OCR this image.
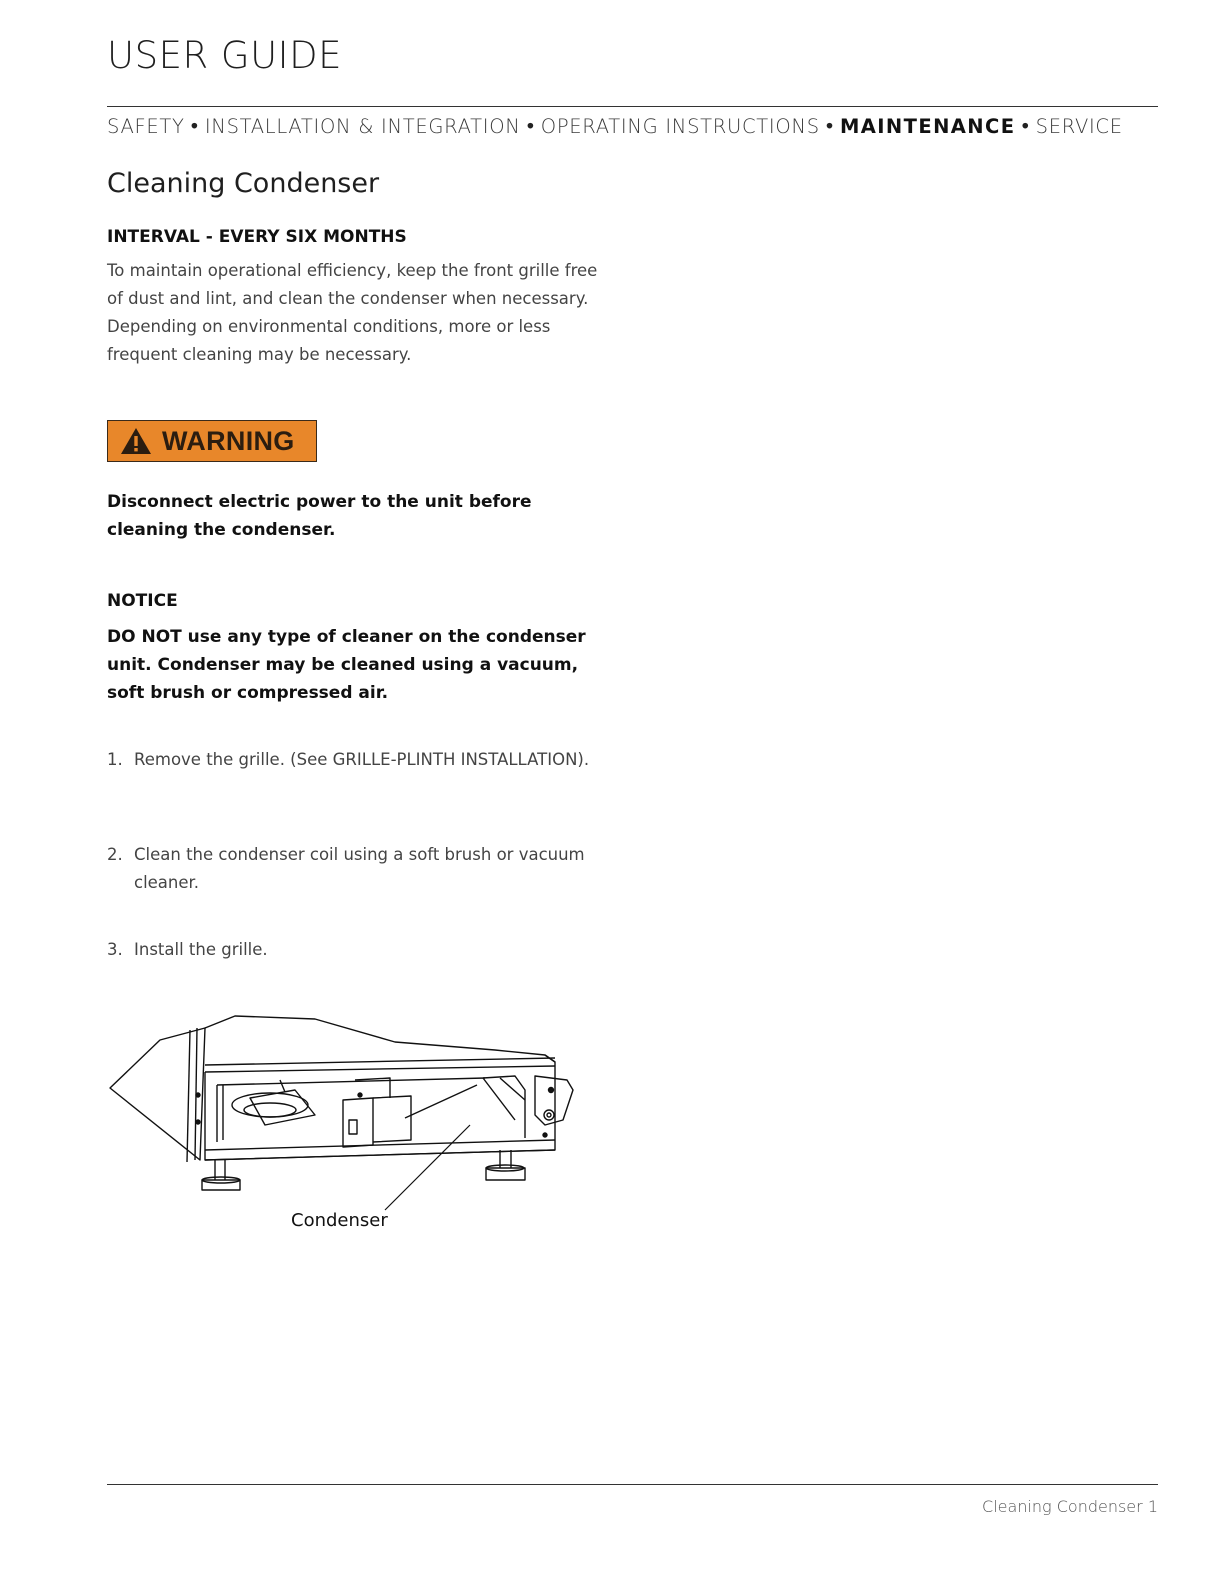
USER GUIDE
SAFETY • INSTALLATION & INTEGRATION • OPERATING INSTRUCTIONS • MAINTENANCE • SERVICE
Cleaning Condenser

INTERVAL - EVERY SIX MONTHS

To maintain operational efficiency, keep the front grille free of dust and lint, and clean the condenser when necessary. Depending on environmental conditions, more or less frequent cleaning may be necessary.

WARNING

Disconnect electric power to the unit before cleaning the condenser.

NOTICE

DO NOT use any type of cleaner on the condenser unit. Condenser may be cleaned using a vacuum, soft brush or compressed air.

1. Remove the grille. (See GRILLE-PLINTH INSTALLATION).
2. Clean the condenser coil using a soft brush or vacuum cleaner.
3. Install the grille.
Condenser
Cleaning Condenser 1
